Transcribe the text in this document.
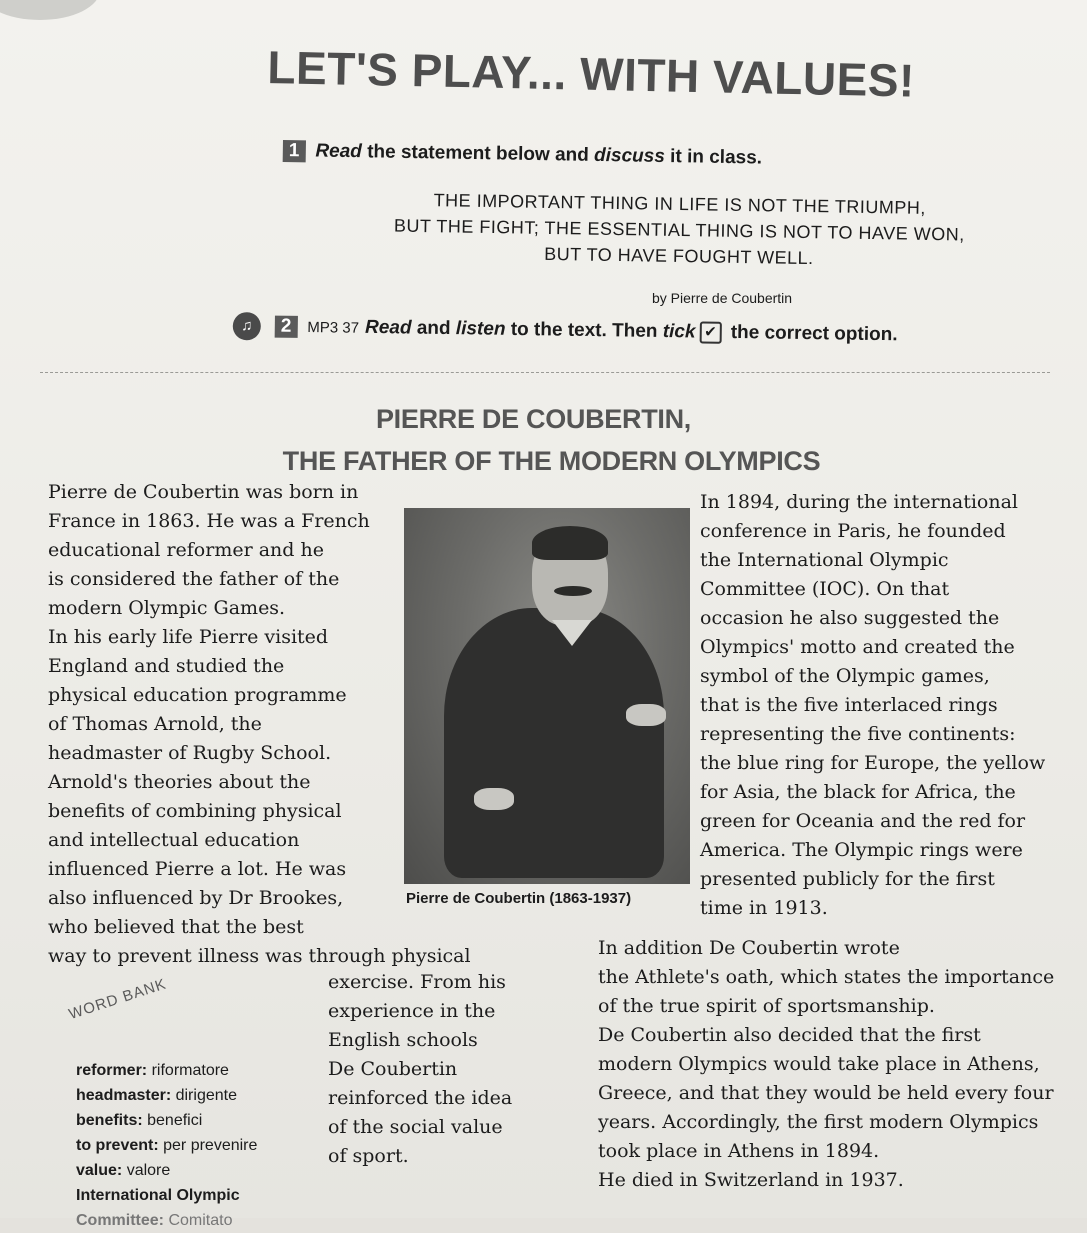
LET'S PLAY... WITH VALUES!
1 Read the statement below and discuss it in class.
THE IMPORTANT THING IN LIFE IS NOT THE TRIUMPH,
BUT THE FIGHT; THE ESSENTIAL THING IS NOT TO HAVE WON,
BUT TO HAVE FOUGHT WELL.
by Pierre de Coubertin
♫ 2 MP3 37 Read and listen to the text. Then tick ✔ the correct option.
PIERRE DE COUBERTIN,
THE FATHER OF THE MODERN OLYMPICS
Pierre de Coubertin was born in
France in 1863. He was a French
educational reformer and he
is considered the father of the
modern Olympic Games.
In his early life Pierre visited
England and studied the
physical education programme
of Thomas Arnold, the
headmaster of Rugby School.
Arnold's theories about the
benefits of combining physical
and intellectual education
influenced Pierre a lot. He was
also influenced by Dr Brookes,
who believed that the best
way to prevent illness was through physical
Pierre de Coubertin (1863-1937)
In 1894, during the international
conference in Paris, he founded
the International Olympic
Committee (IOC). On that
occasion he also suggested the
Olympics' motto and created the
symbol of the Olympic games,
that is the five interlaced rings
representing the five continents:
the blue ring for Europe, the yellow
for Asia, the black for Africa, the
green for Oceania and the red for
America. The Olympic rings were
presented publicly for the first
time in 1913.
exercise. From his
experience in the
English schools
De Coubertin
reinforced the idea
of the social value
of sport.
In addition De Coubertin wrote
the Athlete's oath, which states the importance
of the true spirit of sportsmanship.
De Coubertin also decided that the first
modern Olympics would take place in Athens,
Greece, and that they would be held every four
years. Accordingly, the first modern Olympics
took place in Athens in 1894.
He died in Switzerland in 1937.
WORD BANK
reformer: riformatore
headmaster: dirigente
benefits: benefici
to prevent: per prevenire
value: valore
International Olympic
Committee: Comitato
